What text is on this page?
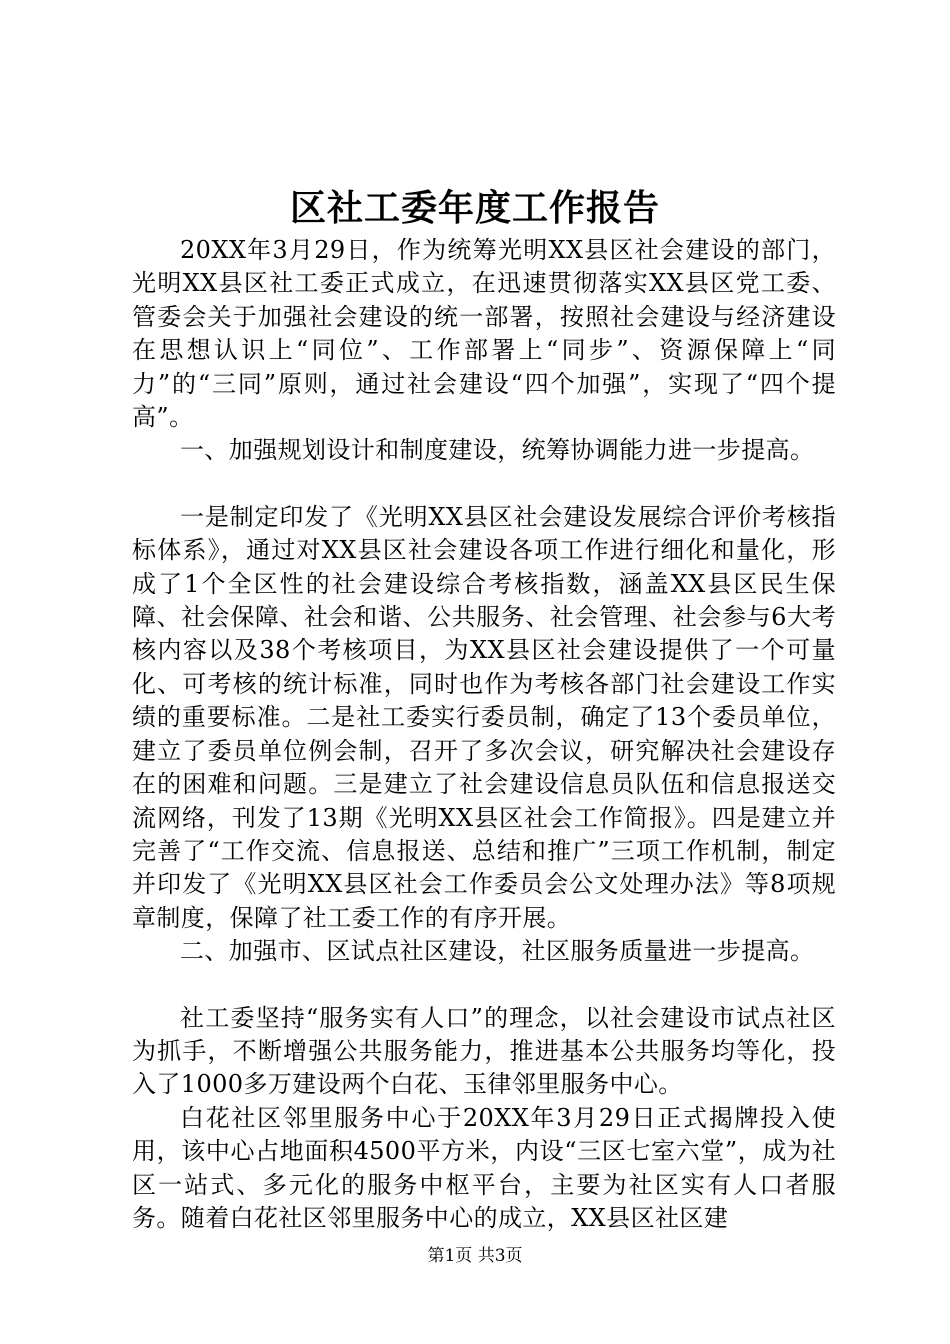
区社工委年度工作报告

20XX年3月29日，作为统筹光明XX县区社会建设的部门，光明XX县区社工委正式成立，在迅速贯彻落实XX县区党工委、管委会关于加强社会建设的统一部署，按照社会建设与经济建设在思想认识上“同位”、工作部署上“同步”、资源保障上“同力”的“三同”原则，通过社会建设“四个加强”，实现了“四个提高”。

一、加强规划设计和制度建设，统筹协调能力进一步提高。

一是制定印发了《光明XX县区社会建设发展综合评价考核指标体系》，通过对XX县区社会建设各项工作进行细化和量化，形成了1个全区性的社会建设综合考核指数，涵盖XX县区民生保障、社会保障、社会和谐、公共服务、社会管理、社会参与6大考核内容以及38个考核项目，为XX县区社会建设提供了一个可量化、可考核的统计标准，同时也作为考核各部门社会建设工作实绩的重要标准。二是社工委实行委员制，确定了13个委员单位，建立了委员单位例会制，召开了多次会议，研究解决社会建设存在的困难和问题。三是建立了社会建设信息员队伍和信息报送交流网络，刊发了13期《光明XX县区社会工作简报》。四是建立并完善了“工作交流、信息报送、总结和推广”三项工作机制，制定并印发了《光明XX县区社会工作委员会公文处理办法》等8项规章制度，保障了社工委工作的有序开展。

二、加强市、区试点社区建设，社区服务质量进一步提高。

社工委坚持“服务实有人口”的理念，以社会建设市试点社区为抓手，不断增强公共服务能力，推进基本公共服务均等化，投入了1000多万建设两个白花、玉律邻里服务中心。

白花社区邻里服务中心于20XX年3月29日正式揭牌投入使用，该中心占地面积4500平方米，内设“三区七室六堂”，成为社区一站式、多元化的服务中枢平台，主要为社区实有人口者服务。随着白花社区邻里服务中心的成立，XX县区社区建

第1页 共3页
